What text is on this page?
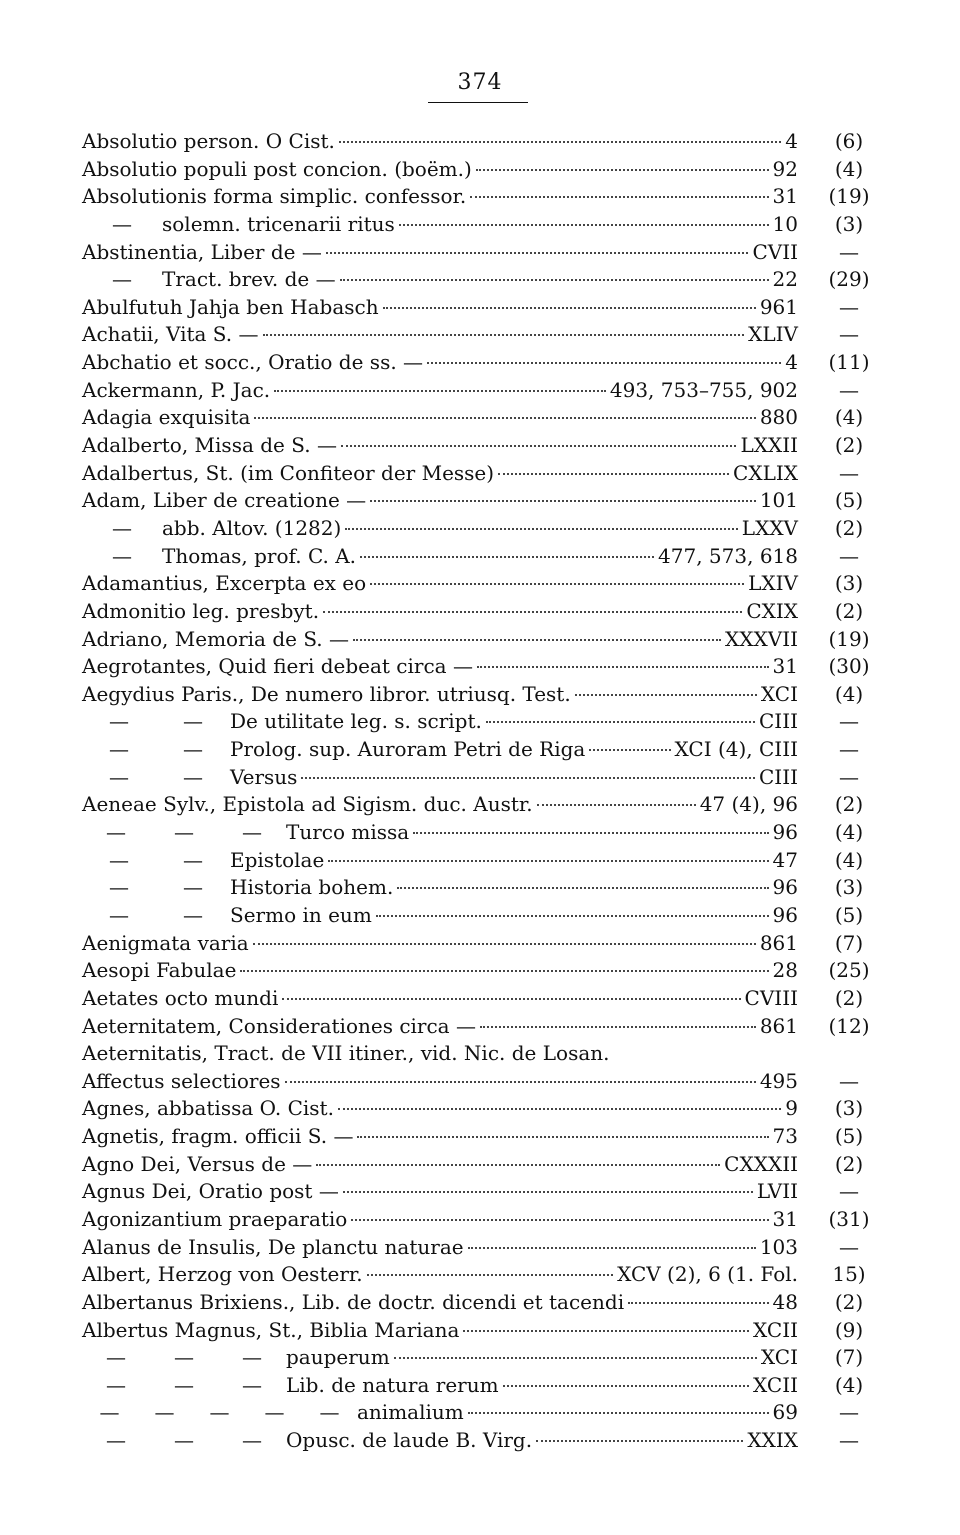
374
Absolutio person. O Cist.	4	(6)
Absolutio populi post concion. (boëm.)	92	(4)
Absolutionis forma simplic. confessor.	31	(19)
—	solemn. tricenarii ritus	10	(3)
Abstinentia, Liber de —	CVII	—
—	Tract. brev. de —	22	(29)
Abulfutuh Jahja ben Habasch	961	—
Achatii, Vita S. —	XLIV	—
Abchatio et socc., Oratio de ss. —	4	(11)
Ackermann, P. Jac.	493, 753–755, 902	—
Adagia exquisita	880	(4)
Adalberto, Missa de S. —	LXXII	(2)
Adalbertus, St. (im Confiteor der Messe)	CXLIX	—
Adam, Liber de creatione —	101	(5)
—	abb. Altov. (1282)	LXXV	(2)
—	Thomas, prof. C. A.	477, 573, 618	—
Adamantius, Excerpta ex eo	LXIV	(3)
Admonitio leg. presbyt.	CXIX	(2)
Adriano, Memoria de S. —	XXXVII	(19)
Aegrotantes, Quid fieri debeat circa —	31	(30)
Aegydius Paris., De numero libror. utriusq. Test.	XCI	(4)
—	—	De utilitate leg. s. script.	CIII	—
—	—	Prolog. sup. Auroram Petri de Riga	XCI (4), CIII	—
—	—	Versus	CIII	—
Aeneae Sylv., Epistola ad Sigism. duc. Austr.	47 (4), 96	(2)
—	—	—	Turco missa	96	(4)
—	—	Epistolae	47	(4)
—	—	Historia bohem.	96	(3)
—	—	Sermo in eum	96	(5)
Aenigmata varia	861	(7)
Aesopi Fabulae	28	(25)
Aetates octo mundi	CVIII	(2)
Aeternitatem, Considerationes circa —	861	(12)
Aeternitatis, Tract. de VII itiner., vid. Nic. de Losan.
Affectus selectiores	495	—
Agnes, abbatissa O. Cist.	9	(3)
Agnetis, fragm. officii S. —	73	(5)
Agno Dei, Versus de —	CXXXII	(2)
Agnus Dei, Oratio post —	LVII	—
Agonizantium praeparatio	31	(31)
Alanus de Insulis, De planctu naturae	103	—
Albert, Herzog von Oesterr.	XCV (2), 6 (1. Fol.	15)
Albertanus Brixiens., Lib. de doctr. dicendi et tacendi	48	(2)
Albertus Magnus, St., Biblia Mariana	XCII	(9)
—	—	—	pauperum	XCI	(7)
—	—	—	Lib. de natura rerum	XCII	(4)
—	—	—	—	— animalium	69	—
—	—	—	Opusc. de laude B. Virg.	XXIX	—
